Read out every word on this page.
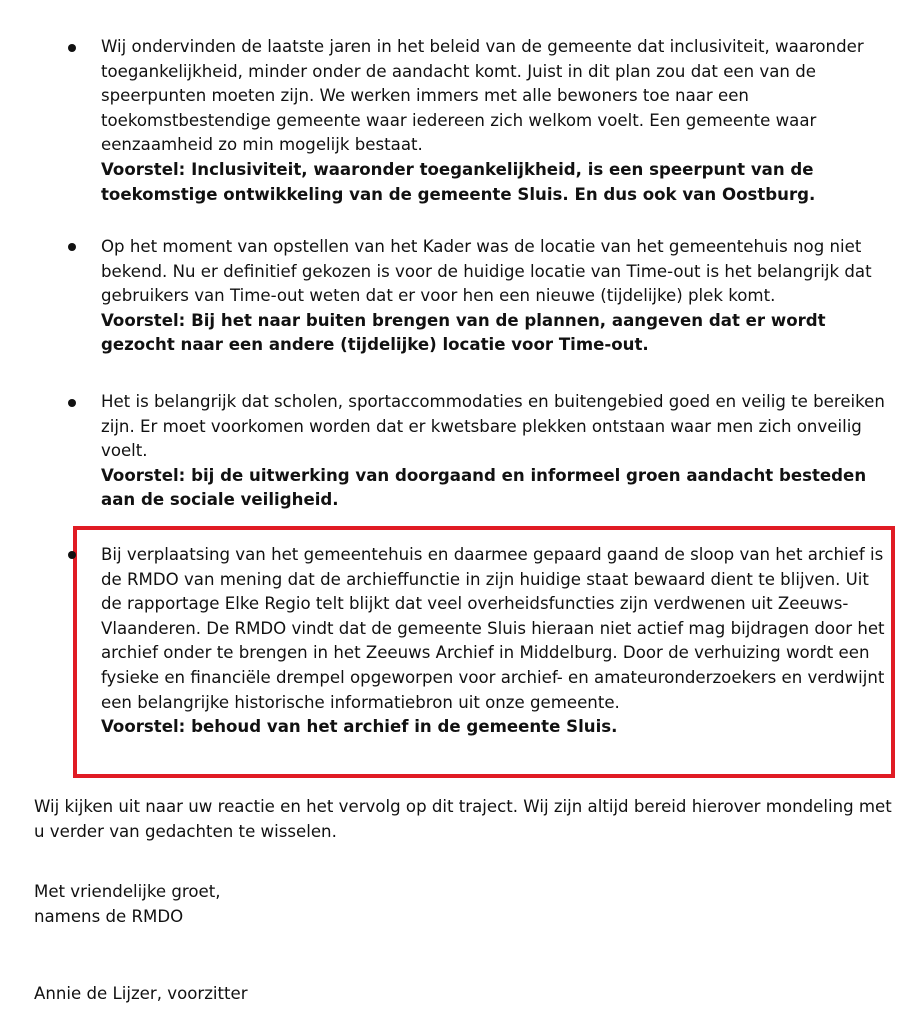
Wij ondervinden de laatste jaren in het beleid van de gemeente dat inclusiviteit, waaronder toegankelijkheid, minder onder de aandacht komt. Juist in dit plan zou dat een van de speerpunten moeten zijn. We werken immers met alle bewoners toe naar een toekomstbestendige gemeente waar iedereen zich welkom voelt. Een gemeente waar eenzaamheid zo min mogelijk bestaat.

Voorstel: Inclusiviteit, waaronder toegankelijkheid, is een speerpunt van de toekomstige ontwikkeling van de gemeente Sluis. En dus ook van Oostburg.

Op het moment van opstellen van het Kader was de locatie van het gemeentehuis nog niet bekend. Nu er definitief gekozen is voor de huidige locatie van Time-out is het belangrijk dat gebruikers van Time-out weten dat er voor hen een nieuwe (tijdelijke) plek komt.

Voorstel: Bij het naar buiten brengen van de plannen, aangeven dat er wordt gezocht naar een andere (tijdelijke) locatie voor Time-out.

Het is belangrijk dat scholen, sportaccommodaties en buitengebied goed en veilig te bereiken zijn. Er moet voorkomen worden dat er kwetsbare plekken ontstaan waar men zich onveilig voelt.

Voorstel: bij de uitwerking van doorgaand en informeel groen aandacht besteden aan de sociale veiligheid.

Bij verplaatsing van het gemeentehuis en daarmee gepaard gaand de sloop van het archief is de RMDO van mening dat de archieffunctie in zijn huidige staat bewaard dient te blijven. Uit de rapportage Elke Regio telt blijkt dat veel overheidsfuncties zijn verdwenen uit Zeeuws-Vlaanderen. De RMDO vindt dat de gemeente Sluis hieraan niet actief mag bijdragen door het archief onder te brengen in het Zeeuws Archief in Middelburg. Door de verhuizing wordt een fysieke en financiële drempel opgeworpen voor archief- en amateuronderzoekers en verdwijnt een belangrijke historische informatiebron uit onze gemeente.

Voorstel: behoud van het archief in de gemeente Sluis.

Wij kijken uit naar uw reactie en het vervolg op dit traject. Wij zijn altijd bereid hierover mondeling met u verder van gedachten te wisselen.

Met vriendelijke groet,

namens de RMDO

Annie de Lijzer, voorzitter
